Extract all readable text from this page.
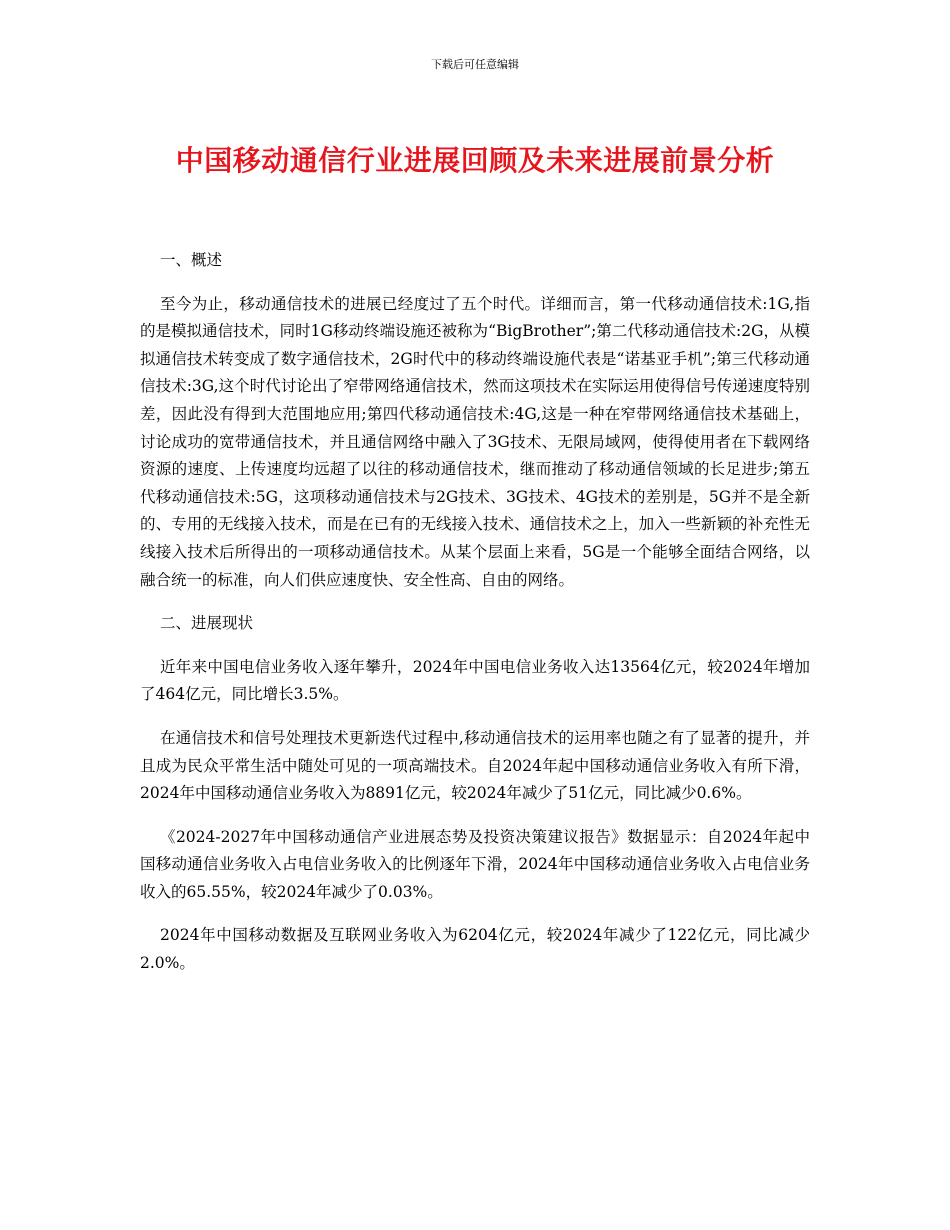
下载后可任意编辑
中国移动通信行业进展回顾及未来进展前景分析

一、概述

至今为止，移动通信技术的进展已经度过了五个时代。详细而言，第一代移动通信技术:1G,指的是模拟通信技术，同时1G移动终端设施还被称为“BigBrother”;第二代移动通信技术:2G，从模拟通信技术转变成了数字通信技术，2G时代中的移动终端设施代表是“诺基亚手机”;第三代移动通信技术:3G,这个时代讨论出了窄带网络通信技术，然而这项技术在实际运用使得信号传递速度特别差，因此没有得到大范围地应用;第四代移动通信技术:4G,这是一种在窄带网络通信技术基础上，讨论成功的宽带通信技术，并且通信网络中融入了3G技术、无限局域网，使得使用者在下载网络资源的速度、上传速度均远超了以往的移动通信技术，继而推动了移动通信领域的长足进步;第五代移动通信技术:5G，这项移动通信技术与2G技术、3G技术、4G技术的差别是，5G并不是全新的、专用的无线接入技术，而是在已有的无线接入技术、通信技术之上，加入一些新颖的补充性无线接入技术后所得出的一项移动通信技术。从某个层面上来看，5G是一个能够全面结合网络，以融合统一的标准，向人们供应速度快、安全性高、自由的网络。

二、进展现状

近年来中国电信业务收入逐年攀升，2024年中国电信业务收入达13564亿元，较2024年增加了464亿元，同比增长3.5%。

在通信技术和信号处理技术更新迭代过程中,移动通信技术的运用率也随之有了显著的提升，并且成为民众平常生活中随处可见的一项高端技术。自2024年起中国移动通信业务收入有所下滑，2024年中国移动通信业务收入为8891亿元，较2024年减少了51亿元，同比减少0.6%。

《2024-2027年中国移动通信产业进展态势及投资决策建议报告》数据显示：自2024年起中国移动通信业务收入占电信业务收入的比例逐年下滑，2024年中国移动通信业务收入占电信业务收入的65.55%，较2024年减少了0.03%。

2024年中国移动数据及互联网业务收入为6204亿元，较2024年减少了122亿元，同比减少2.0%。
